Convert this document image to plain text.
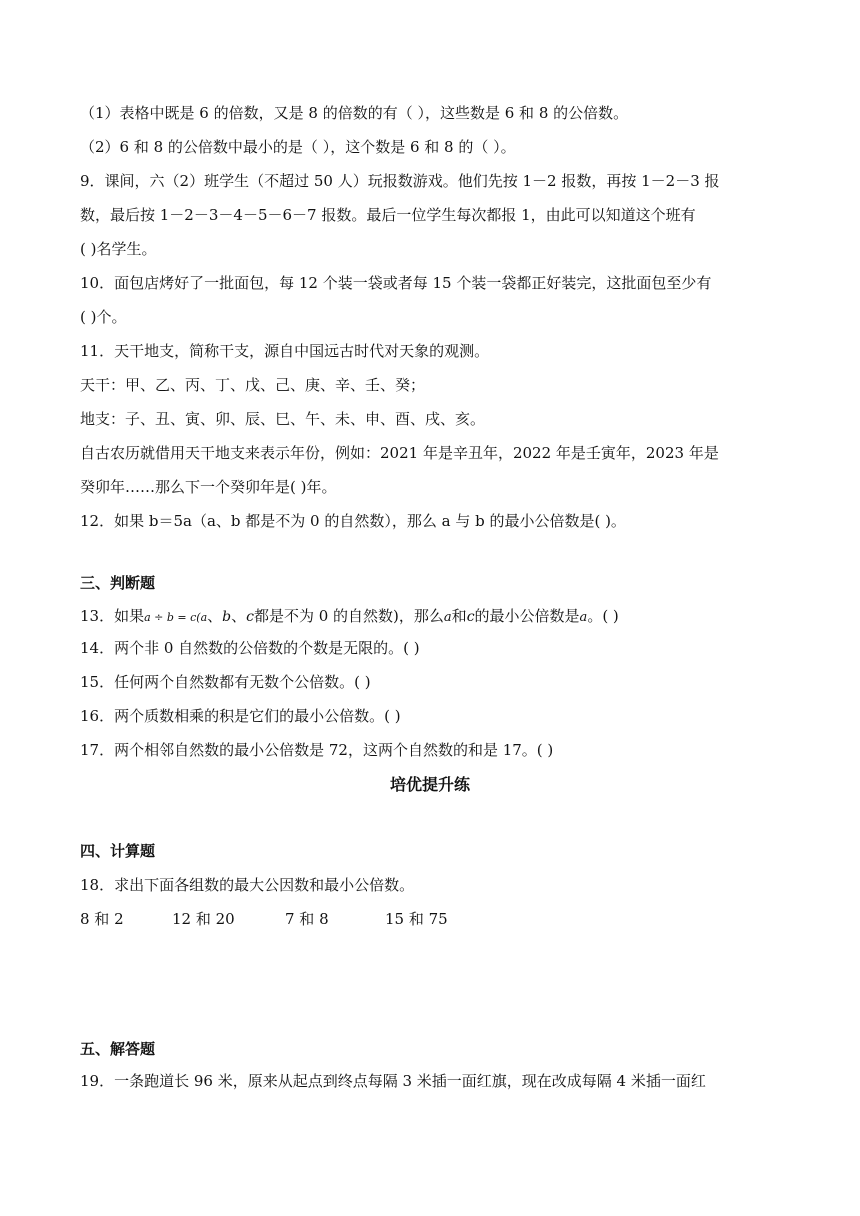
（1）表格中既是 6 的倍数，又是 8 的倍数的有（ ），这些数是 6 和 8 的公倍数。
（2）6 和 8 的公倍数中最小的是（ ），这个数是 6 和 8 的（ ）。
9．课间，六（2）班学生（不超过 50 人）玩报数游戏。他们先按 1－2 报数，再按 1－2－3 报
数，最后按 1－2－3－4－5－6－7 报数。最后一位学生每次都报 1，由此可以知道这个班有
( )名学生。
10．面包店烤好了一批面包，每 12 个装一袋或者每 15 个装一袋都正好装完，这批面包至少有
( )个。
11．天干地支，简称干支，源自中国远古时代对天象的观测。
天干：甲、乙、丙、丁、戊、己、庚、辛、壬、癸；
地支：子、丑、寅、卯、辰、巳、午、未、申、酉、戌、亥。
自古农历就借用天干地支来表示年份，例如：2021 年是辛丑年，2022 年是壬寅年，2023 年是
癸卯年……那么下一个癸卯年是( )年。
12．如果 b＝5a（a、b 都是不为 0 的自然数），那么 a 与 b 的最小公倍数是( )。
三、判断题
13．如果a ÷ b = c(a、b、c都是不为 0 的自然数)，那么a和c的最小公倍数是a。( )
14．两个非 0 自然数的公倍数的个数是无限的。( )
15．任何两个自然数都有无数个公倍数。( )
16．两个质数相乘的积是它们的最小公倍数。( )
17．两个相邻自然数的最小公倍数是 72，这两个自然数的和是 17。( )
培优提升练
四、计算题
18．求出下面各组数的最大公因数和最小公倍数。
8 和 2	12 和 20	7 和 8	15 和 75
五、解答题
19．一条跑道长 96 米，原来从起点到终点每隔 3 米插一面红旗，现在改成每隔 4 米插一面红
